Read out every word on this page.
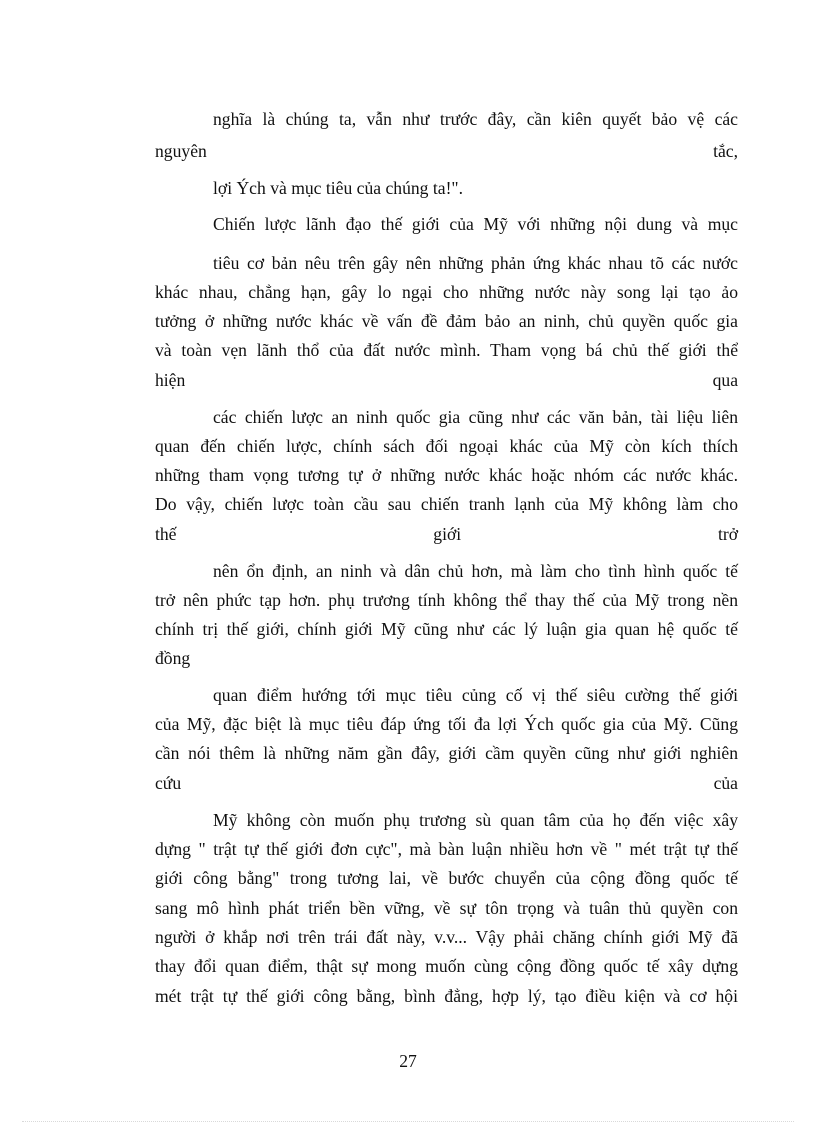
nghĩa là chúng ta, vẫn như trước đây, cần kiên quyết bảo vệ các
nguyên tắc,
lợi Ých và mục tiêu của chúng ta!".
Chiến lược lãnh đạo thế giới của Mỹ với những nội dung và mục
tiêu cơ bản nêu trên gây nên những phản ứng khác nhau tõ các nước
khác nhau, chẳng hạn, gây lo ngại cho những nước này song lại tạo ảo
tưởng ở những nước khác về vấn đề đảm bảo an ninh, chủ quyền quốc gia
và toàn vẹn lãnh thổ của đất nước mình. Tham vọng bá chủ thế giới thể
hiện qua
các chiến lược an ninh quốc gia cũng như các văn bản, tài liệu liên
quan đến chiến lược, chính sách đối ngoại khác của Mỹ còn kích thích
những tham vọng tương tự ở những nước khác hoặc nhóm các nước khác.
Do vậy, chiến lược toàn cầu sau chiến tranh lạnh của Mỹ không làm cho
thế giới trở
nên ổn định, an ninh và dân chủ hơn, mà làm cho tình hình quốc tế
trở nên phức tạp hơn. phụ trương tính không thể thay thế của Mỹ trong nền
chính trị thế giới, chính giới Mỹ cũng như các lý luận gia quan hệ quốc tế
đồng
quan điểm hướng tới mục tiêu củng cố vị thế siêu cường thế giới
của Mỹ, đặc biệt là mục tiêu đáp ứng tối đa lợi Ých quốc gia của Mỹ. Cũng
cần nói thêm là những năm gần đây, giới cầm quyền cũng như giới nghiên
cứu của
Mỹ không còn muốn phụ trương sù quan tâm của họ đến việc xây
dựng " trật tự thế giới đơn cực", mà bàn luận nhiều hơn về " mét trật tự thế
giới công bằng" trong tương lai, về bước chuyển của cộng đồng quốc tế
sang mô hình phát triển bền vững, về sự tôn trọng và tuân thủ quyền con
người ở khắp nơi trên trái đất này, v.v... Vậy phải chăng chính giới Mỹ đã
thay đổi quan điểm, thật sự mong muốn cùng cộng đồng quốc tế xây dựng
mét trật tự thế giới công bằng, bình đẳng, hợp lý, tạo điều kiện và cơ hội
27
